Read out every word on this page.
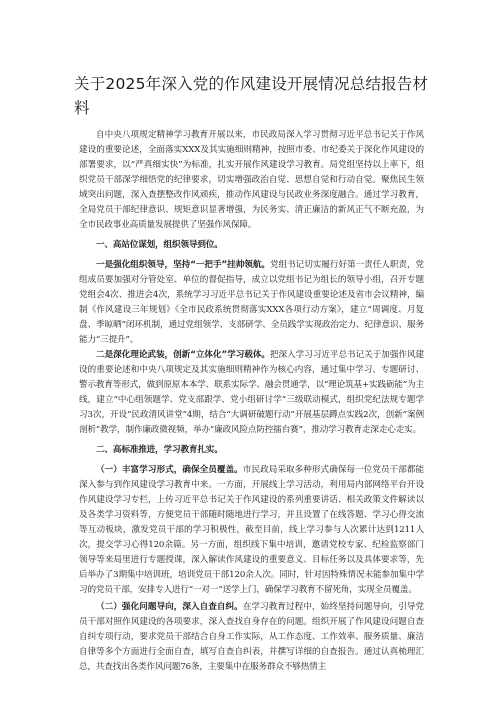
关于2025年深入党的作风建设开展情况总结报告材料

自中央八项规定精神学习教育开展以来，市民政局深入学习贯彻习近平总书记关于作风建设的重要论述，全面落实XXX及其实施细则精神，按照市委、市纪委关于深化作风建设的部署要求，以“严真细实快”为标准，扎实开展作风建设学习教育。局党组坚持以上率下，组织党员干部深学细悟党的纪律要求，切实增强政治自觉、思想自觉和行动自觉。聚焦民生领域突出问题，深入查摆整改作风顽疾，推动作风建设与民政业务深度融合。通过学习教育，全局党员干部纪律意识、规矩意识显著增强，为民务实、清正廉洁的新风正气不断充盈，为全市民政事业高质量发展提供了坚强作风保障。

一、高站位谋划，组织领导到位。

一是强化组织领导，坚持“一把手”挂帅领航。党组书记切实履行好第一责任人职责，党组成员要加强对分管处室、单位的督促指导，成立以党组书记为组长的领导小组，召开专题党组会4次、推进会4次，系统学习习近平总书记关于作风建设重要论述及省市会议精神，编制《作风建设三年规划》《全市民政系统贯彻落实XXX各项行动方案》，建立“周调度、月复盘、季晾晒”闭环机制，通过党组领学、支部研学、全员践学实现政治定力、纪律意识、服务能力“三提升”。

二是深化理论武装，创新“立体化”学习载体。把深入学习习近平总书记关于加强作风建设的重要论述和中央八项规定及其实施细则精神作为核心内容，通过集中学习、专题研讨、警示教育等形式，做到原原本本学、联系实际学、融会贯通学，以“理论筑基+实践砺能”为主线，建立“中心组领题学、党支部跟学、党小组研讨学”三级联动模式，组织党纪法规专题学习3次，开设“民政清风讲堂”4期，结合“大调研破题行动”开展基层蹲点实践2次，创新“案例剖析”教学，制作廉政微视频，举办“廉政风险点防控擂台赛”，推动学习教育走深走心走实。

二、高标准推进，学习教育扎实。

（一）丰富学习形式，确保全员覆盖。市民政局采取多种形式确保每一位党员干部都能深入参与到作风建设学习教育中来。一方面，开展线上学习活动，利用局内部网络平台开设作风建设学习专栏，上传习近平总书记关于作风建设的系列重要讲话、相关政策文件解读以及各类学习资料等，方便党员干部随时随地进行学习，并且设置了在线答题、学习心得交流等互动板块，激发党员干部的学习积极性，截至目前，线上学习参与人次累计达到1211人次，提交学习心得120余篇。另一方面，组织线下集中培训，邀请党校专家、纪检监察部门领导等来局里进行专题授课，深入解读作风建设的重要意义、目标任务以及具体要求等，先后举办了3期集中培训班，培训党员干部120余人次。同时，针对因特殊情况未能参加集中学习的党员干部，安排专人进行“一对一”送学上门，确保学习教育不留死角，实现全员覆盖。

（二）强化问题导向，深入自查自纠。在学习教育过程中，始终坚持问题导向，引导党员干部对照作风建设的各项要求，深入查找自身存在的问题。组织开展了作风建设问题自查自纠专项行动，要求党员干部结合自身工作实际，从工作态度、工作效率、服务质量、廉洁自律等多个方面进行全面自查，填写自查自纠表，并撰写详细的自查报告。通过认真梳理汇总，共查找出各类作风问题76条，主要集中在服务群众不够热情主
